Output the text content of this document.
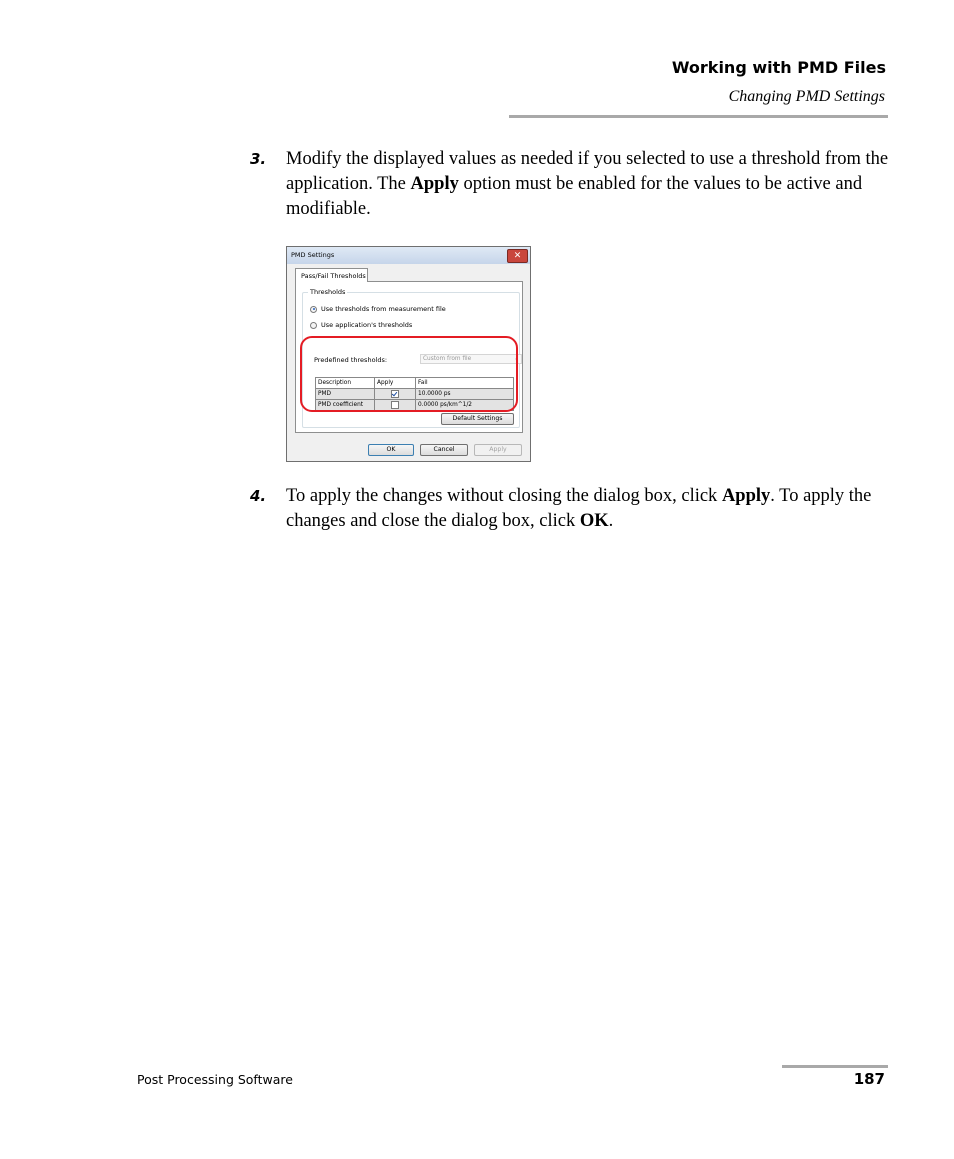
Working with PMD Files
Changing PMD Settings
3. Modify the displayed values as needed if you selected to use a threshold from the application. The Apply option must be enabled for the values to be active and modifiable.
PMD Settings	✕
Pass/Fail Thresholds
Thresholds
Use thresholds from measurement file
Use application's thresholds
Predefined thresholds:	Custom from file	⌄
Description	Apply	Fail
PMD		10.0000 ps
PMD coefficient		0.0000 ps/km^1/2
Default Settings
OK	Cancel	Apply
4. To apply the changes without closing the dialog box, click Apply. To apply the changes and close the dialog box, click OK.
Post Processing Software	187
